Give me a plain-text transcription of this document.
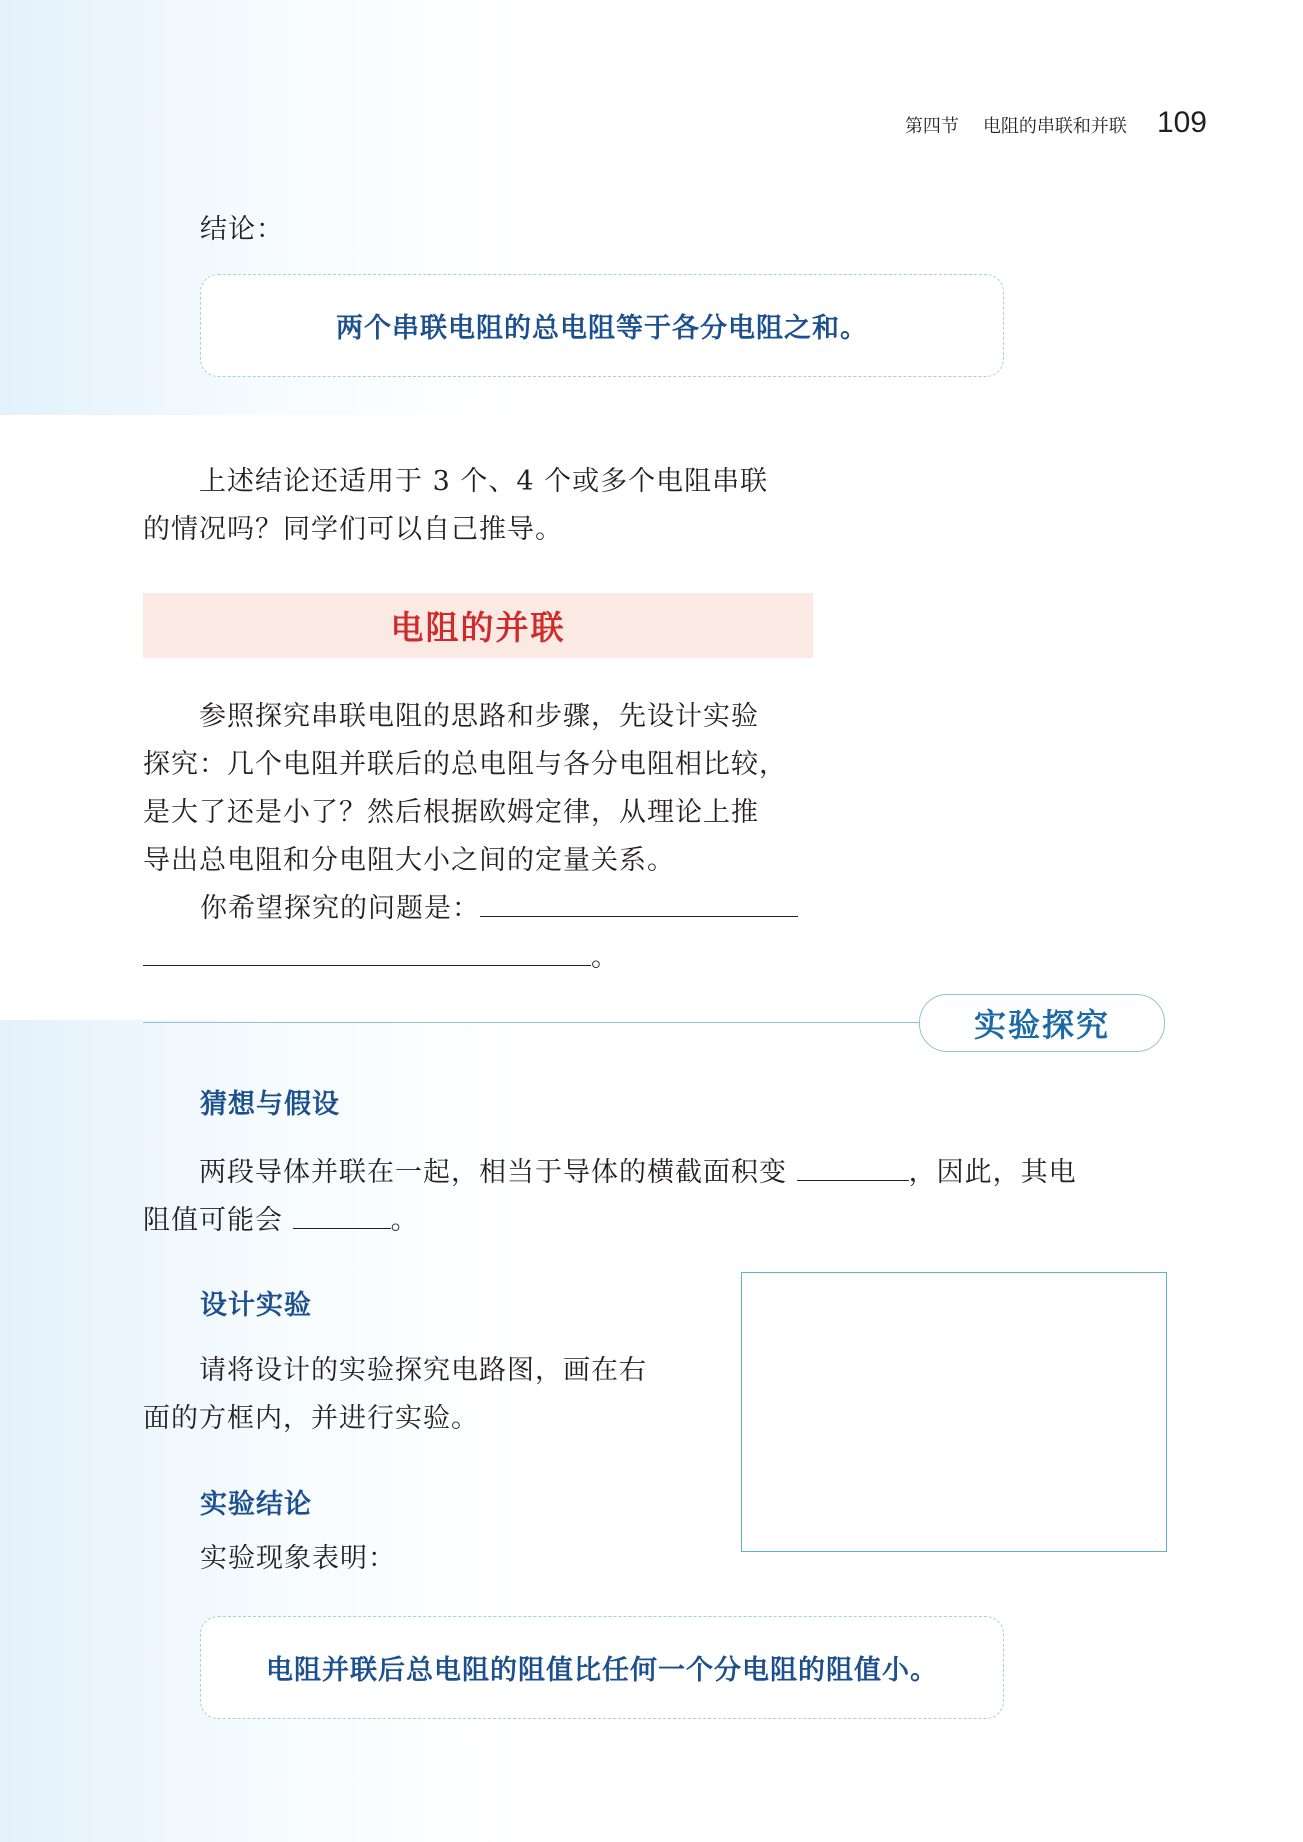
第四节 电阻的串联和并联 109
结论：
两个串联电阻的总电阻等于各分电阻之和。
上述结论还适用于 3 个、4 个或多个电阻串联
的情况吗？同学们可以自己推导。
电阻的并联
参照探究串联电阻的思路和步骤，先设计实验
探究：几个电阻并联后的总电阻与各分电阻相比较，
是大了还是小了？然后根据欧姆定律，从理论上推
导出总电阻和分电阻大小之间的定量关系。
你希望探究的问题是：
。
实验探究
猜想与假设
两段导体并联在一起，相当于导体的横截面积变	，因此，其电
阻值可能会	。
设计实验
请将设计的实验探究电路图，画在右
面的方框内，并进行实验。
实验结论
实验现象表明：
电阻并联后总电阻的阻值比任何一个分电阻的阻值小。
